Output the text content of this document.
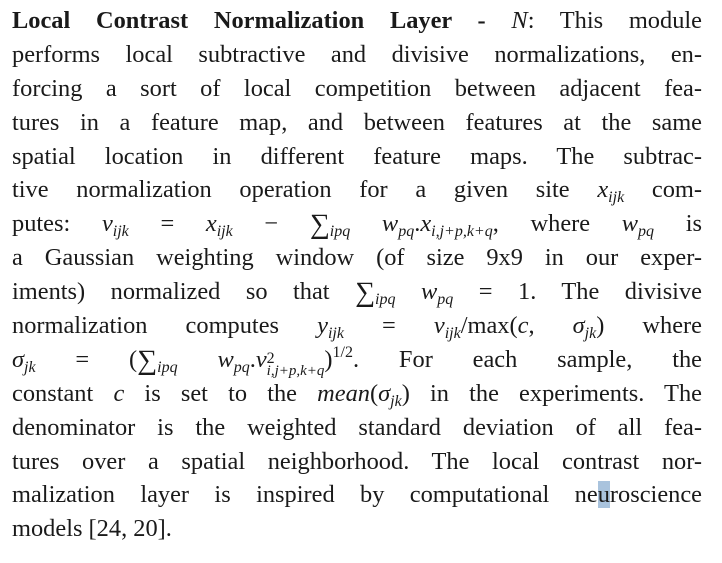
Local Contrast Normalization Layer - N: This module
performs local subtractive and divisive normalizations, en-
forcing a sort of local competition between adjacent fea-
tures in a feature map, and between features at the same
spatial location in different feature maps. The subtrac-
tive normalization operation for a given site $x_{ijk}$ com-
putes: $v_{ijk} = x_{ijk} - \sum_{ipq}$ $w_{pq}.x_{i,j+p,k+q}$, where $w_{pq}$ is
a Gaussian weighting window (of size 9x9 in our exper-
iments) normalized so that $\sum_{ipq}$ $w_{pq} = 1$. The divisive
normalization computes $y_{ijk} = v_{ijk}/\max(c$, $\sigma_{jk}$) where
$\sigma_{jk} = (\sum_{ipq}$ $w_{pq}.v$ 2
i,j+p,k+q )$^{1/2}$. For each sample, the
constant c is set to the $mean(\sigma_{jk})$ in the experiments. The
denominator is the weighted standard deviation of all fea-
tures over a spatial neighborhood. The local contrast nor-
malization layer is inspired by computational neuroscience
models [24, 20].
